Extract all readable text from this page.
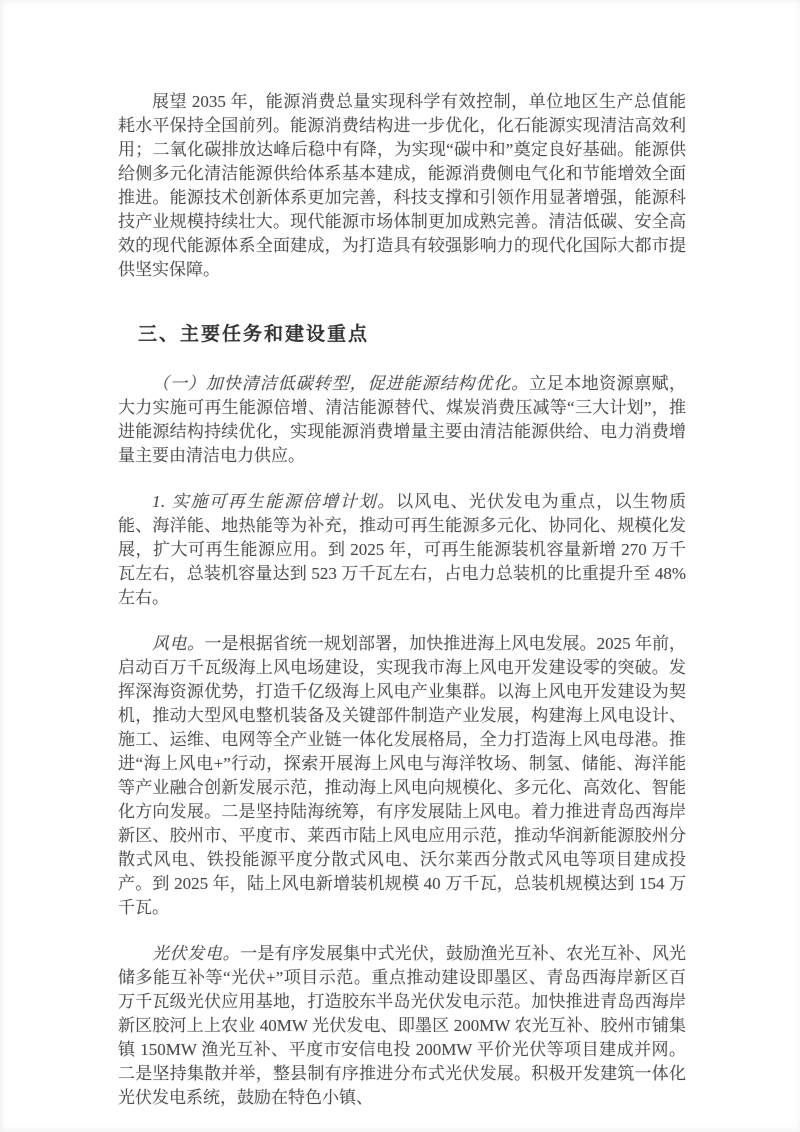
展望 2035 年，能源消费总量实现科学有效控制，单位地区生产总值能耗水平保持全国前列。能源消费结构进一步优化，化石能源实现清洁高效利用；二氧化碳排放达峰后稳中有降，为实现“碳中和”奠定良好基础。能源供给侧多元化清洁能源供给体系基本建成，能源消费侧电气化和节能增效全面推进。能源技术创新体系更加完善，科技支撑和引领作用显著增强，能源科技产业规模持续壮大。现代能源市场体制更加成熟完善。清洁低碳、安全高效的现代能源体系全面建成，为打造具有较强影响力的现代化国际大都市提供坚实保障。

三、主要任务和建设重点

（一）加快清洁低碳转型，促进能源结构优化。立足本地资源禀赋，大力实施可再生能源倍增、清洁能源替代、煤炭消费压减等“三大计划”，推进能源结构持续优化，实现能源消费增量主要由清洁能源供给、电力消费增量主要由清洁电力供应。

1. 实施可再生能源倍增计划。以风电、光伏发电为重点，以生物质能、海洋能、地热能等为补充，推动可再生能源多元化、协同化、规模化发展，扩大可再生能源应用。到 2025 年，可再生能源装机容量新增 270 万千瓦左右，总装机容量达到 523 万千瓦左右，占电力总装机的比重提升至 48%左右。

风电。一是根据省统一规划部署，加快推进海上风电发展。2025 年前，启动百万千瓦级海上风电场建设，实现我市海上风电开发建设零的突破。发挥深海资源优势，打造千亿级海上风电产业集群。以海上风电开发建设为契机，推动大型风电整机装备及关键部件制造产业发展，构建海上风电设计、施工、运维、电网等全产业链一体化发展格局，全力打造海上风电母港。推进“海上风电+”行动，探索开展海上风电与海洋牧场、制氢、储能、海洋能等产业融合创新发展示范，推动海上风电向规模化、多元化、高效化、智能化方向发展。二是坚持陆海统筹，有序发展陆上风电。着力推进青岛西海岸新区、胶州市、平度市、莱西市陆上风电应用示范，推动华润新能源胶州分散式风电、铁投能源平度分散式风电、沃尔莱西分散式风电等项目建成投产。到 2025 年，陆上风电新增装机规模 40 万千瓦，总装机规模达到 154 万千瓦。

光伏发电。一是有序发展集中式光伏，鼓励渔光互补、农光互补、风光储多能互补等“光伏+”项目示范。重点推动建设即墨区、青岛西海岸新区百万千瓦级光伏应用基地，打造胶东半岛光伏发电示范。加快推进青岛西海岸新区胶河上上农业 40MW 光伏发电、即墨区 200MW 农光互补、胶州市铺集镇 150MW 渔光互补、平度市安信电投 200MW 平价光伏等项目建成并网。二是坚持集散并举，整县制有序推进分布式光伏发展。积极开发建筑一体化光伏发电系统，鼓励在特色小镇、
